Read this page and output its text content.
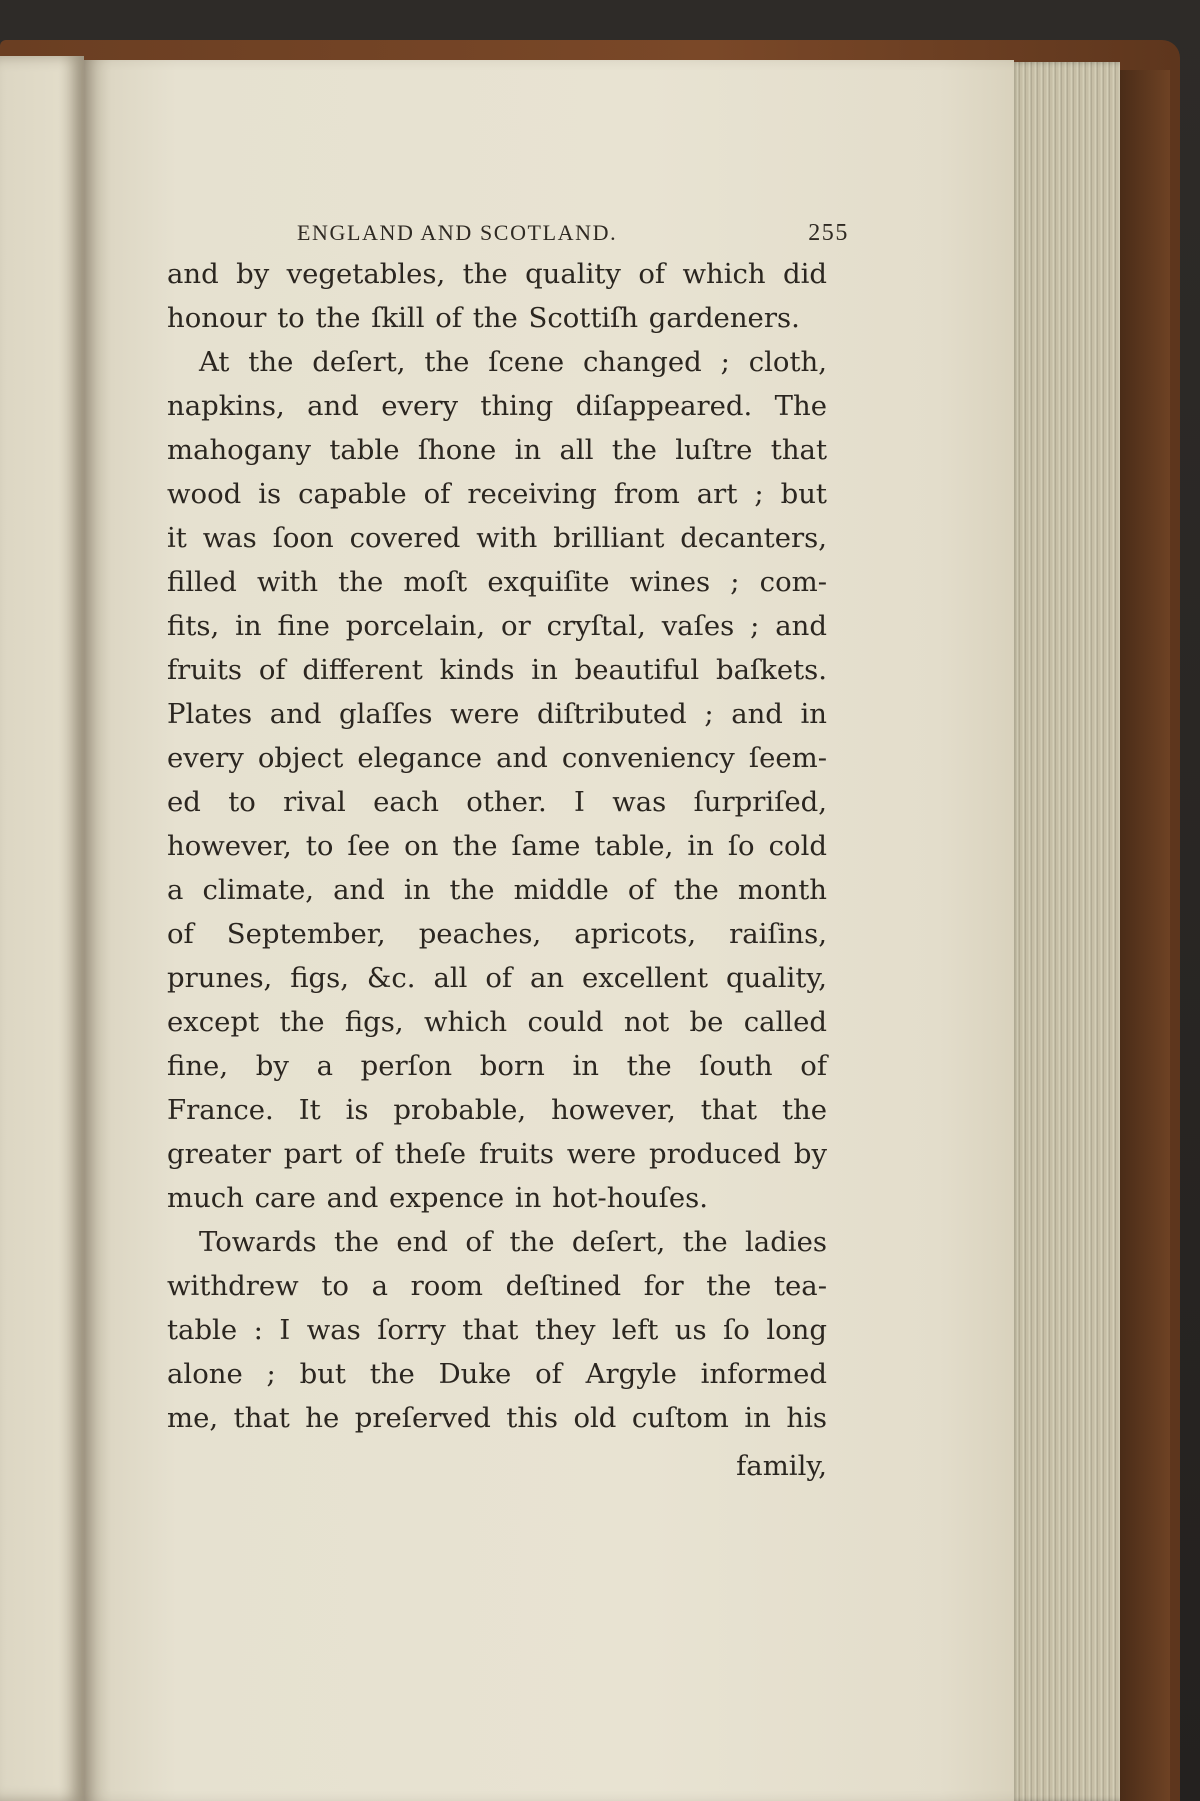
ENGLAND AND SCOTLAND.	255
and by vegetables, the quality of which did
honour to the ſkill of the Scottiſh gardeners.
At the deſert, the ſcene changed ; cloth,
napkins, and every thing diſappeared. The
mahogany table ſhone in all the luſtre that
wood is capable of receiving from art ; but
it was ſoon covered with brilliant decanters,
filled with the moſt exquiſite wines ; com-
fits, in fine porcelain, or cryſtal, vaſes ; and
fruits of different kinds in beautiful baſkets.
Plates and glaſſes were diſtributed ; and in
every object elegance and conveniency ſeem-
ed to rival each other. I was ſurpriſed,
however, to ſee on the ſame table, in ſo cold
a climate, and in the middle of the month
of September, peaches, apricots, raiſins,
prunes, figs, &c. all of an excellent quality,
except the figs, which could not be called
fine, by a perſon born in the ſouth of
France. It is probable, however, that the
greater part of theſe fruits were produced by
much care and expence in hot-houſes.
Towards the end of the deſert, the ladies
withdrew to a room deſtined for the tea-
table : I was ſorry that they left us ſo long
alone ; but the Duke of Argyle informed
me, that he preſerved this old cuſtom in his
family,
